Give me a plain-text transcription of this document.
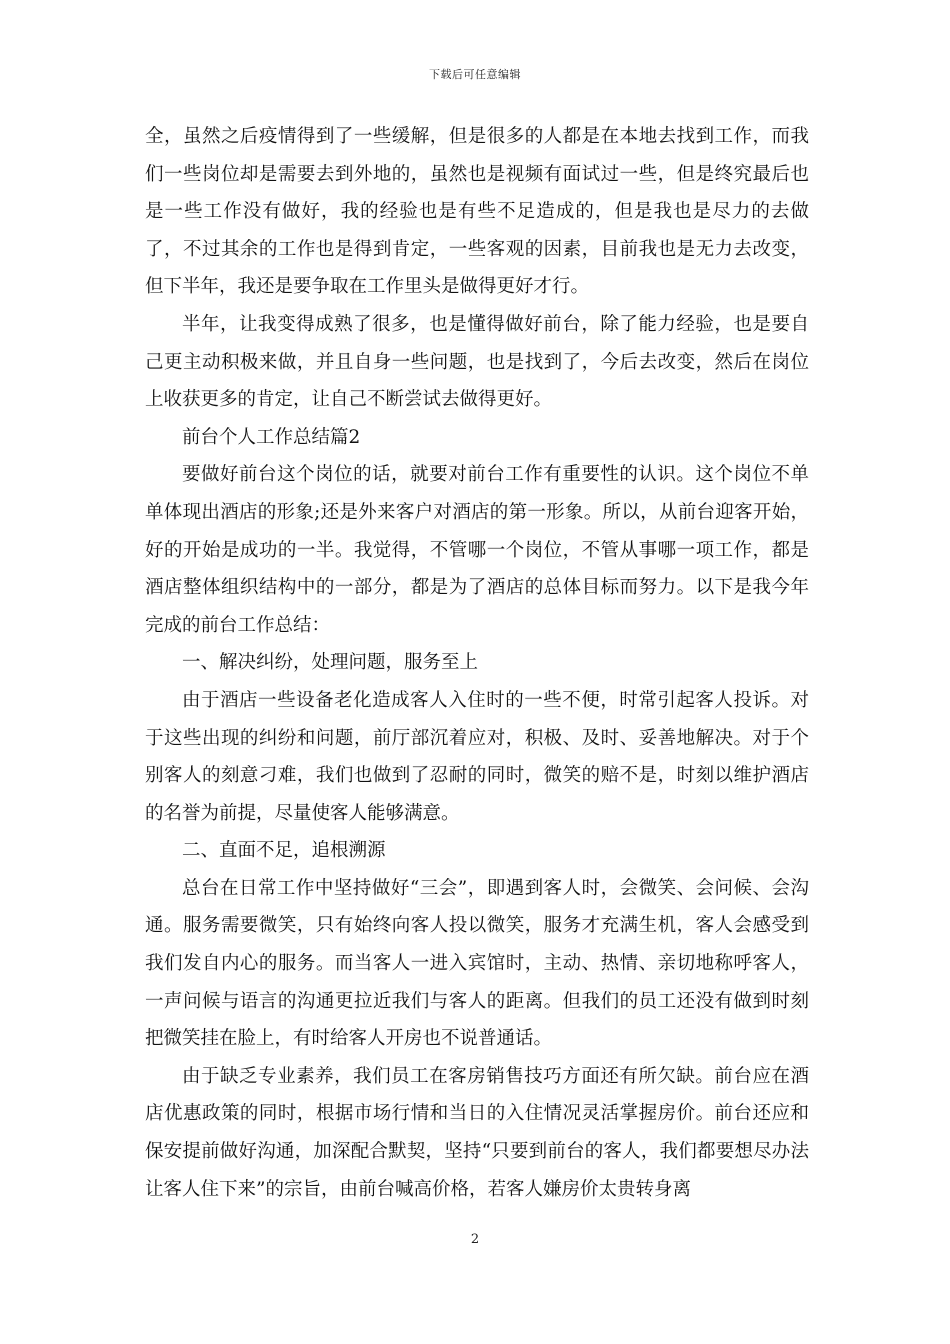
下载后可任意编辑

全，虽然之后疫情得到了一些缓解，但是很多的人都是在本地去找到工作，而我们一些岗位却是需要去到外地的，虽然也是视频有面试过一些，但是终究最后也是一些工作没有做好，我的经验也是有些不足造成的，但是我也是尽力的去做了，不过其余的工作也是得到肯定，一些客观的因素，目前我也是无力去改变，但下半年，我还是要争取在工作里头是做得更好才行。

半年，让我变得成熟了很多，也是懂得做好前台，除了能力经验，也是要自己更主动积极来做，并且自身一些问题，也是找到了，今后去改变，然后在岗位上收获更多的肯定，让自己不断尝试去做得更好。

前台个人工作总结篇2

要做好前台这个岗位的话，就要对前台工作有重要性的认识。这个岗位不单单体现出酒店的形象;还是外来客户对酒店的第一形象。所以，从前台迎客开始，好的开始是成功的一半。我觉得，不管哪一个岗位，不管从事哪一项工作，都是酒店整体组织结构中的一部分，都是为了酒店的总体目标而努力。以下是我今年完成的前台工作总结：

一、解决纠纷，处理问题，服务至上

由于酒店一些设备老化造成客人入住时的一些不便，时常引起客人投诉。对于这些出现的纠纷和问题，前厅部沉着应对，积极、及时、妥善地解决。对于个别客人的刻意刁难，我们也做到了忍耐的同时，微笑的赔不是，时刻以维护酒店的名誉为前提，尽量使客人能够满意。

二、直面不足，追根溯源

总台在日常工作中坚持做好“三会”，即遇到客人时，会微笑、会问候、会沟通。服务需要微笑，只有始终向客人投以微笑，服务才充满生机，客人会感受到我们发自内心的服务。而当客人一进入宾馆时，主动、热情、亲切地称呼客人，一声问候与语言的沟通更拉近我们与客人的距离。但我们的员工还没有做到时刻把微笑挂在脸上，有时给客人开房也不说普通话。

由于缺乏专业素养，我们员工在客房销售技巧方面还有所欠缺。前台应在酒店优惠政策的同时，根据市场行情和当日的入住情况灵活掌握房价。前台还应和保安提前做好沟通，加深配合默契，坚持“只要到前台的客人，我们都要想尽办法让客人住下来”的宗旨，由前台喊高价格，若客人嫌房价太贵转身离

2
